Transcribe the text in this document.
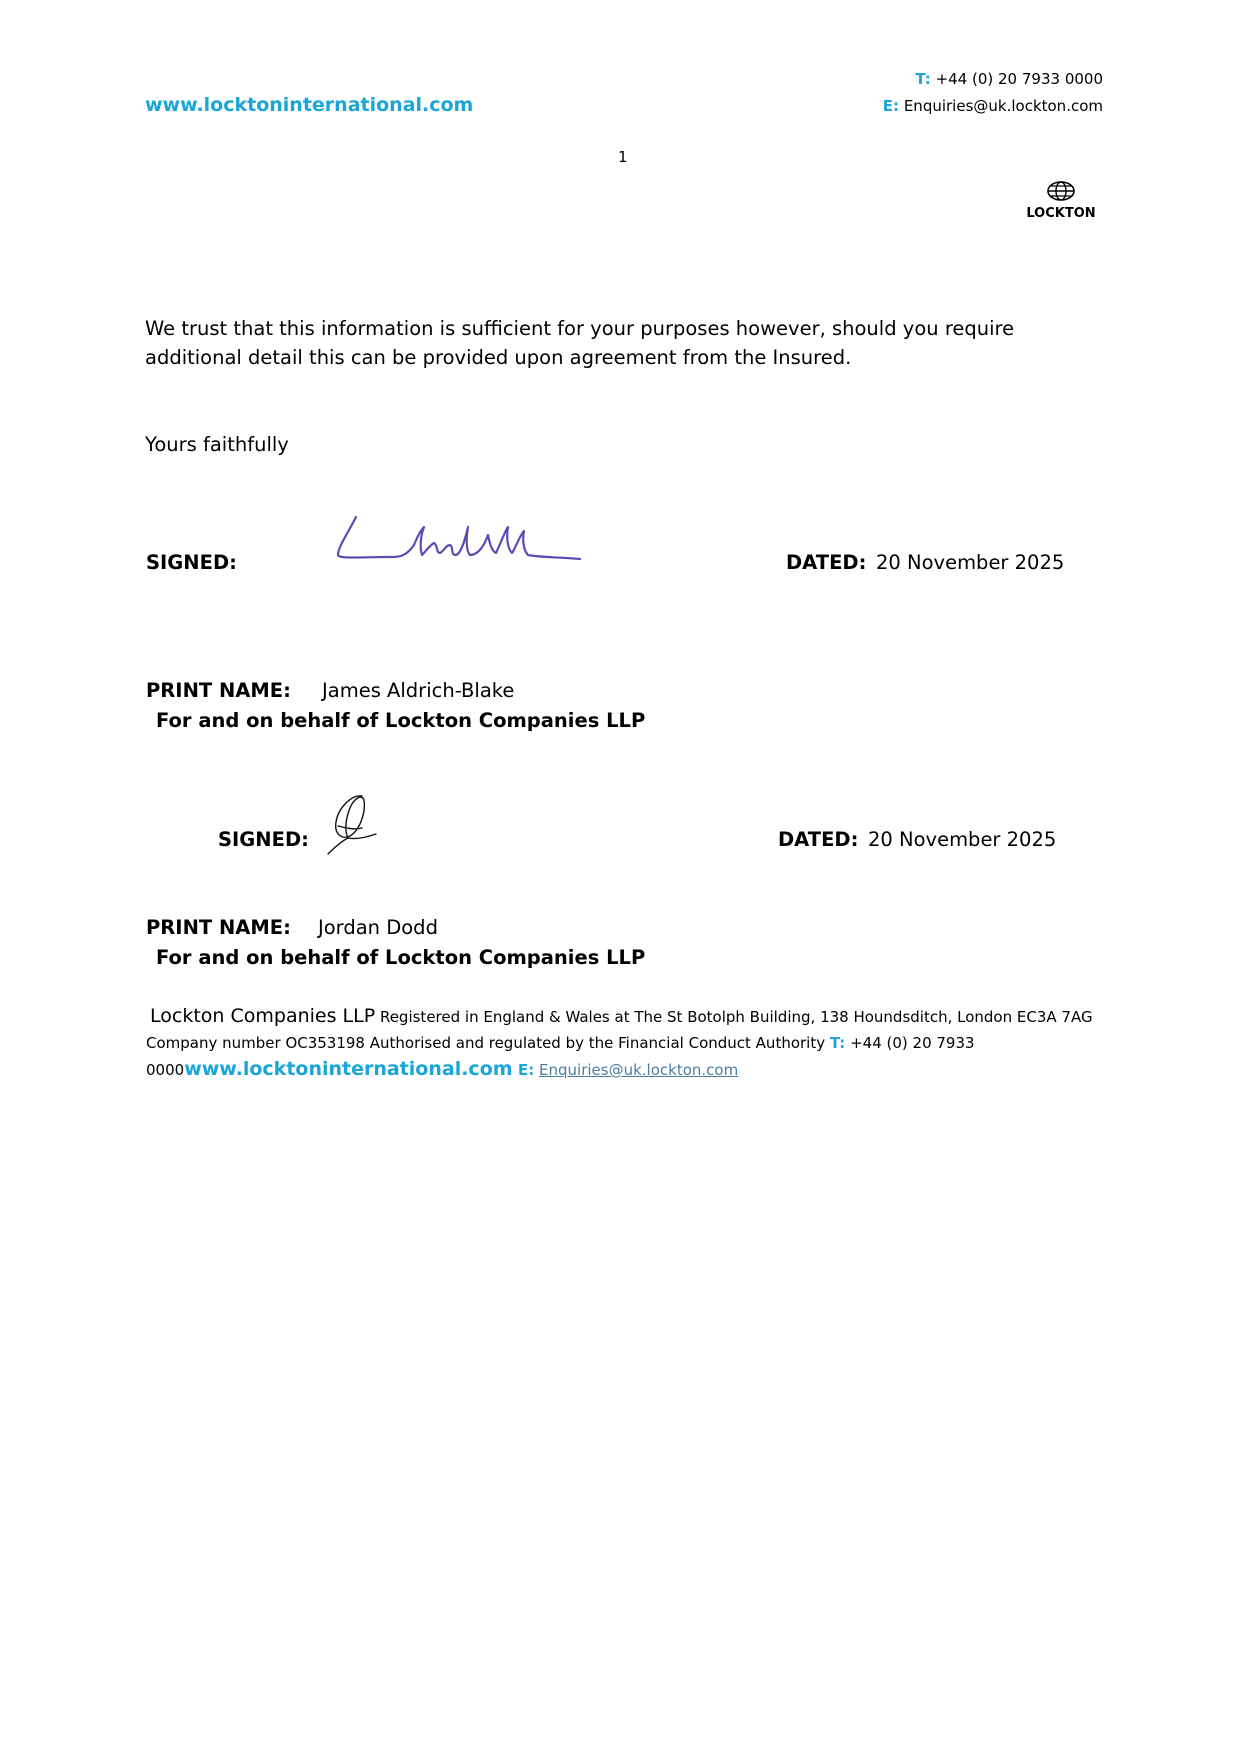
www.locktoninternational.com
T: +44 (0) 20 7933 0000
E: Enquiries@uk.lockton.com
1
LOCKTON
We trust that this information is sufficient for your purposes however, should you require additional detail this can be provided upon agreement from the Insured.
Yours faithfully
SIGNED:	DATED: 20 November 2025
PRINT NAME: James Aldrich-Blake
For and on behalf of Lockton Companies LLP
SIGNED:	DATED: 20 November 2025
PRINT NAME: Jordan Dodd
For and on behalf of Lockton Companies LLP
Lockton Companies LLP Registered in England & Wales at The St Botolph Building, 138 Houndsditch, London EC3A 7AG
Company number OC353198 Authorised and regulated by the Financial Conduct Authority T: +44 (0) 20 7933
0000www.locktoninternational.com E: Enquiries@uk.lockton.com
